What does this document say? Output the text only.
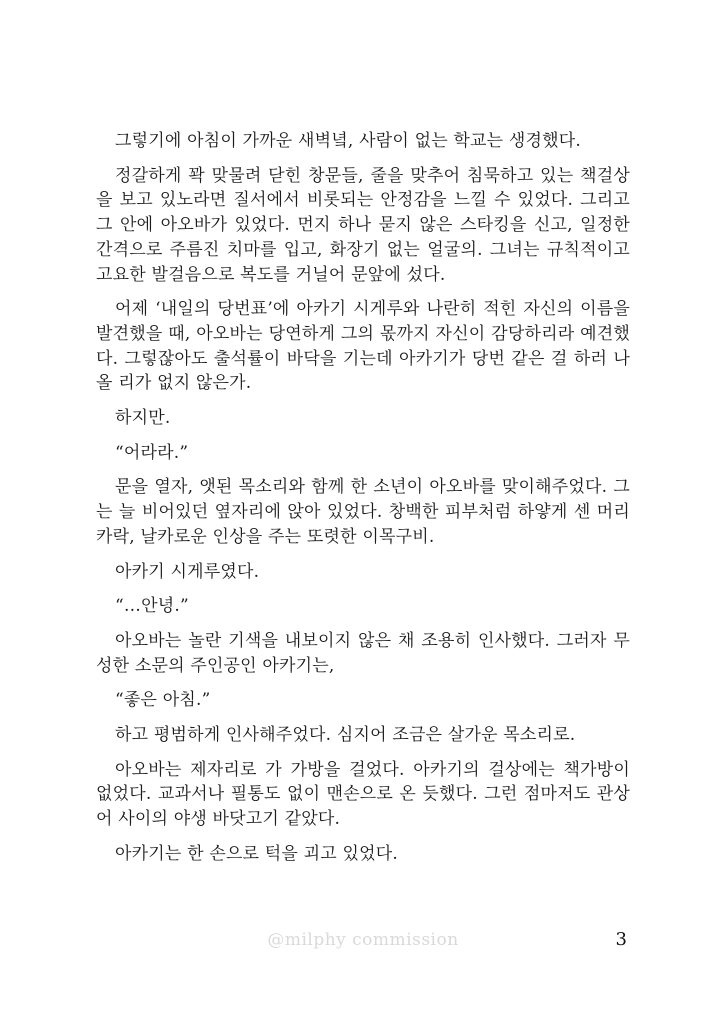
그렇기에 아침이 가까운 새벽녘, 사람이 없는 학교는 생경했다.

정갈하게 꽉 맞물려 닫힌 창문들, 줄을 맞추어 침묵하고 있는 책걸상을 보고 있노라면 질서에서 비롯되는 안정감을 느낄 수 있었다. 그리고 그 안에 아오바가 있었다. 먼지 하나 묻지 않은 스타킹을 신고, 일정한 간격으로 주름진 치마를 입고, 화장기 없는 얼굴의. 그녀는 규칙적이고 고요한 발걸음으로 복도를 거닐어 문앞에 섰다.

어제 ‘내일의 당번표’에 아카기 시게루와 나란히 적힌 자신의 이름을 발견했을 때, 아오바는 당연하게 그의 몫까지 자신이 감당하리라 예견했다. 그렇잖아도 출석률이 바닥을 기는데 아카기가 당번 같은 걸 하러 나올 리가 없지 않은가.

하지만.

“어라라.”

문을 열자, 앳된 목소리와 함께 한 소년이 아오바를 맞이해주었다. 그는 늘 비어있던 옆자리에 앉아 있었다. 창백한 피부처럼 하얗게 센 머리카락, 날카로운 인상을 주는 또렷한 이목구비.

아카기 시게루였다.

“…안녕.”

아오바는 놀란 기색을 내보이지 않은 채 조용히 인사했다. 그러자 무성한 소문의 주인공인 아카기는,

“좋은 아침.”

하고 평범하게 인사해주었다. 심지어 조금은 살가운 목소리로.

아오바는 제자리로 가 가방을 걸었다. 아카기의 걸상에는 책가방이 없었다. 교과서나 필통도 없이 맨손으로 온 듯했다. 그런 점마저도 관상어 사이의 야생 바닷고기 같았다.

아카기는 한 손으로 턱을 괴고 있었다.

@milphy commission	3
